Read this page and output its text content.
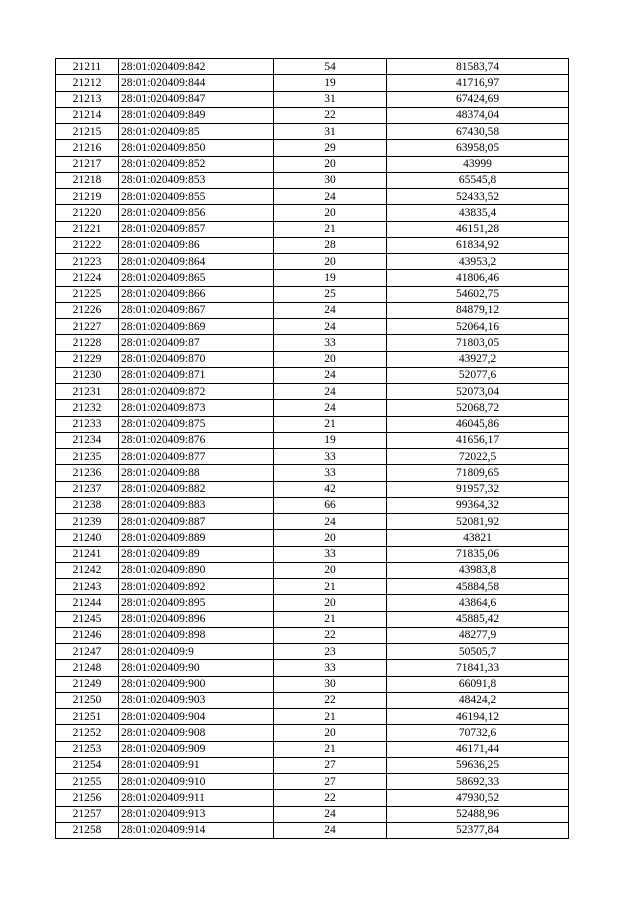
21211	28:01:020409:842	54	81583,74
21212	28:01:020409:844	19	41716,97
21213	28:01:020409:847	31	67424,69
21214	28:01:020409:849	22	48374,04
21215	28:01:020409:85	31	67430,58
21216	28:01:020409:850	29	63958,05
21217	28:01:020409:852	20	43999
21218	28:01:020409:853	30	65545,8
21219	28:01:020409:855	24	52433,52
21220	28:01:020409:856	20	43835,4
21221	28:01:020409:857	21	46151,28
21222	28:01:020409:86	28	61834,92
21223	28:01:020409:864	20	43953,2
21224	28:01:020409:865	19	41806,46
21225	28:01:020409:866	25	54602,75
21226	28:01:020409:867	24	84879,12
21227	28:01:020409:869	24	52064,16
21228	28:01:020409:87	33	71803,05
21229	28:01:020409:870	20	43927,2
21230	28:01:020409:871	24	52077,6
21231	28:01:020409:872	24	52073,04
21232	28:01:020409:873	24	52068,72
21233	28:01:020409:875	21	46045,86
21234	28:01:020409:876	19	41656,17
21235	28:01:020409:877	33	72022,5
21236	28:01:020409:88	33	71809,65
21237	28:01:020409:882	42	91957,32
21238	28:01:020409:883	66	99364,32
21239	28:01:020409:887	24	52081,92
21240	28:01:020409:889	20	43821
21241	28:01:020409:89	33	71835,06
21242	28:01:020409:890	20	43983,8
21243	28:01:020409:892	21	45884,58
21244	28:01:020409:895	20	43864,6
21245	28:01:020409:896	21	45885,42
21246	28:01:020409:898	22	48277,9
21247	28:01:020409:9	23	50505,7
21248	28:01:020409:90	33	71841,33
21249	28:01:020409:900	30	66091,8
21250	28:01:020409:903	22	48424,2
21251	28:01:020409:904	21	46194,12
21252	28:01:020409:908	20	70732,6
21253	28:01:020409:909	21	46171,44
21254	28:01:020409:91	27	59636,25
21255	28:01:020409:910	27	58692,33
21256	28:01:020409:911	22	47930,52
21257	28:01:020409:913	24	52488,96
21258	28:01:020409:914	24	52377,84
